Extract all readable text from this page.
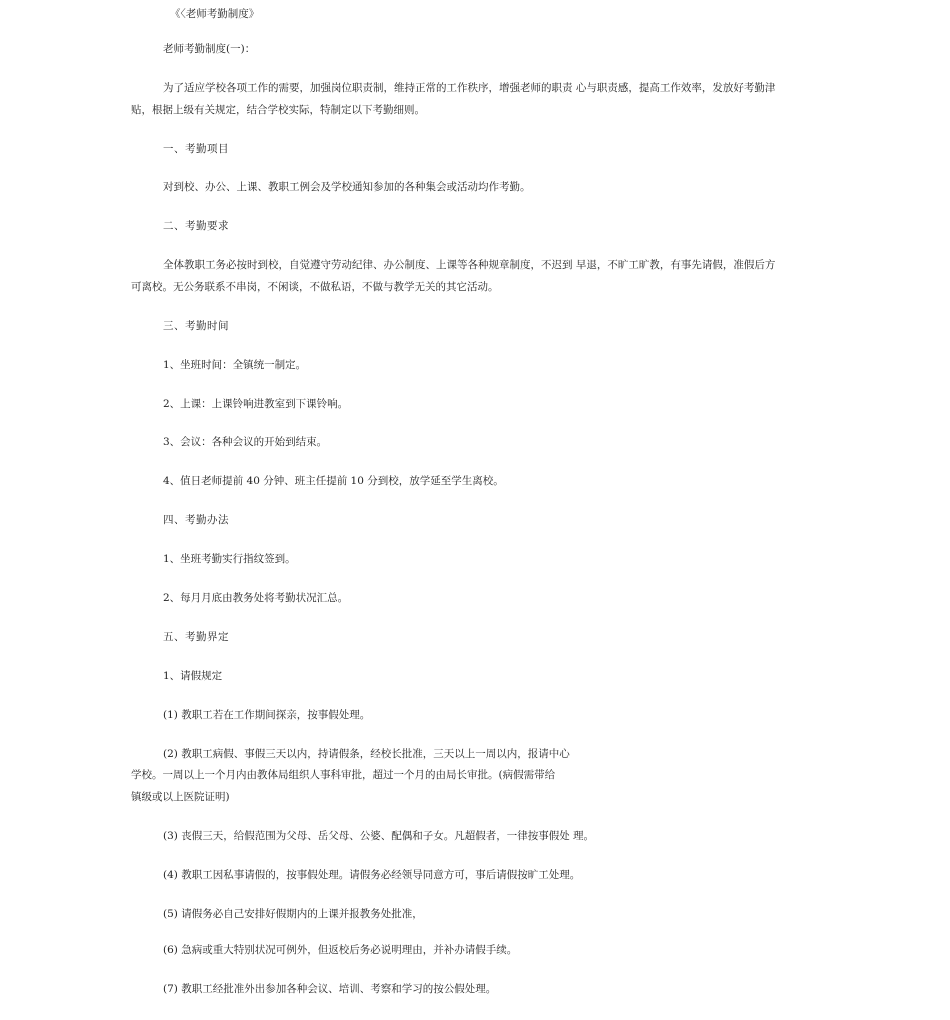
《〈老师考勤制度》
老师考勤制度(一)：
为了适应学校各项工作的需要，加强岗位职责制，维持正常的工作秩序，增强老师的职责 心与职责感，提高工作效率，发放好考勤津
贴，根据上级有关规定，结合学校实际，特制定以下考勤细则。
一、考勤项目
对到校、办公、上课、教职工例会及学校通知参加的各种集会或活动均作考勤。
二、考勤要求
全体教职工务必按时到校，自觉遵守劳动纪律、办公制度、上课等各种规章制度，不迟到 早退，不旷工旷教，有事先请假，准假后方
可离校。无公务联系不串岗，不闲谈，不做私语，不做与教学无关的其它活动。
三、考勤时间
1、坐班时间：全镇统一制定。
2、上课：上课铃响进教室到下课铃响。
3、会议：各种会议的开始到结束。
4、值日老师提前 40 分钟、班主任提前 10 分到校，放学延至学生离校。
四、考勤办法
1、坐班考勤实行指纹签到。
2、每月月底由教务处将考勤状况汇总。
五、考勤界定
1、请假规定
(1) 教职工若在工作期间探亲，按事假处理。
(2) 教职工病假、事假三天以内，持请假条，经校长批准，三天以上一周以内，报请中心
学校。一周以上一个月内由教体局组织人事科审批，超过一个月的由局长审批。(病假需带给
镇级或以上医院证明)
(3) 丧假三天，给假范围为父母、岳父母、公婆、配偶和子女。凡超假者，一律按事假处 理。
(4) 教职工因私事请假的，按事假处理。请假务必经领导同意方可，事后请假按旷工处理。
(5) 请假务必自己安排好假期内的上课并报教务处批准，
(6) 急病或重大特别状况可例外，但返校后务必说明理由，并补办请假手续。
(7) 教职工经批准外出参加各种会议、培训、考察和学习的按公假处理。
